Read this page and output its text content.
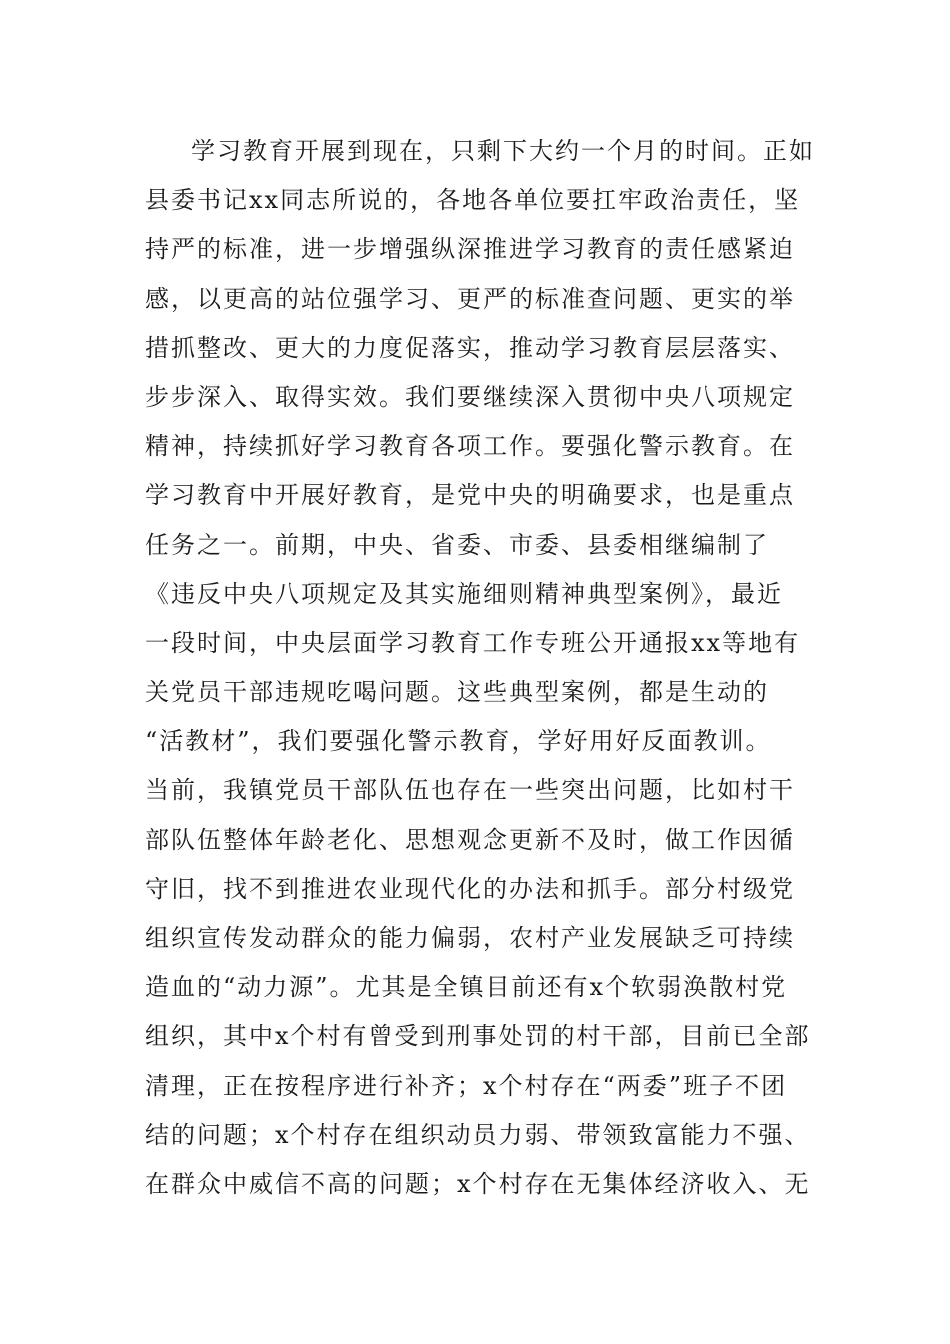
学习教育开展到现在，只剩下大约一个月的时间。正如
县委书记xx同志所说的，各地各单位要扛牢政治责任，坚
持严的标准，进一步增强纵深推进学习教育的责任感紧迫
感，以更高的站位强学习、更严的标准查问题、更实的举
措抓整改、更大的力度促落实，推动学习教育层层落实、
步步深入、取得实效。我们要继续深入贯彻中央八项规定
精神，持续抓好学习教育各项工作。要强化警示教育。在
学习教育中开展好教育，是党中央的明确要求，也是重点
任务之一。前期，中央、省委、市委、县委相继编制了
《违反中央八项规定及其实施细则精神典型案例》，最近
一段时间，中央层面学习教育工作专班公开通报xx等地有
关党员干部违规吃喝问题。这些典型案例，都是生动的
“活教材”，我们要强化警示教育，学好用好反面教训。
当前，我镇党员干部队伍也存在一些突出问题，比如村干
部队伍整体年龄老化、思想观念更新不及时，做工作因循
守旧，找不到推进农业现代化的办法和抓手。部分村级党
组织宣传发动群众的能力偏弱，农村产业发展缺乏可持续
造血的“动力源”。尤其是全镇目前还有x个软弱涣散村党
组织，其中x个村有曾受到刑事处罚的村干部，目前已全部
清理，正在按程序进行补齐；x个村存在“两委”班子不团
结的问题；x个村存在组织动员力弱、带领致富能力不强、
在群众中威信不高的问题；x个村存在无集体经济收入、无
